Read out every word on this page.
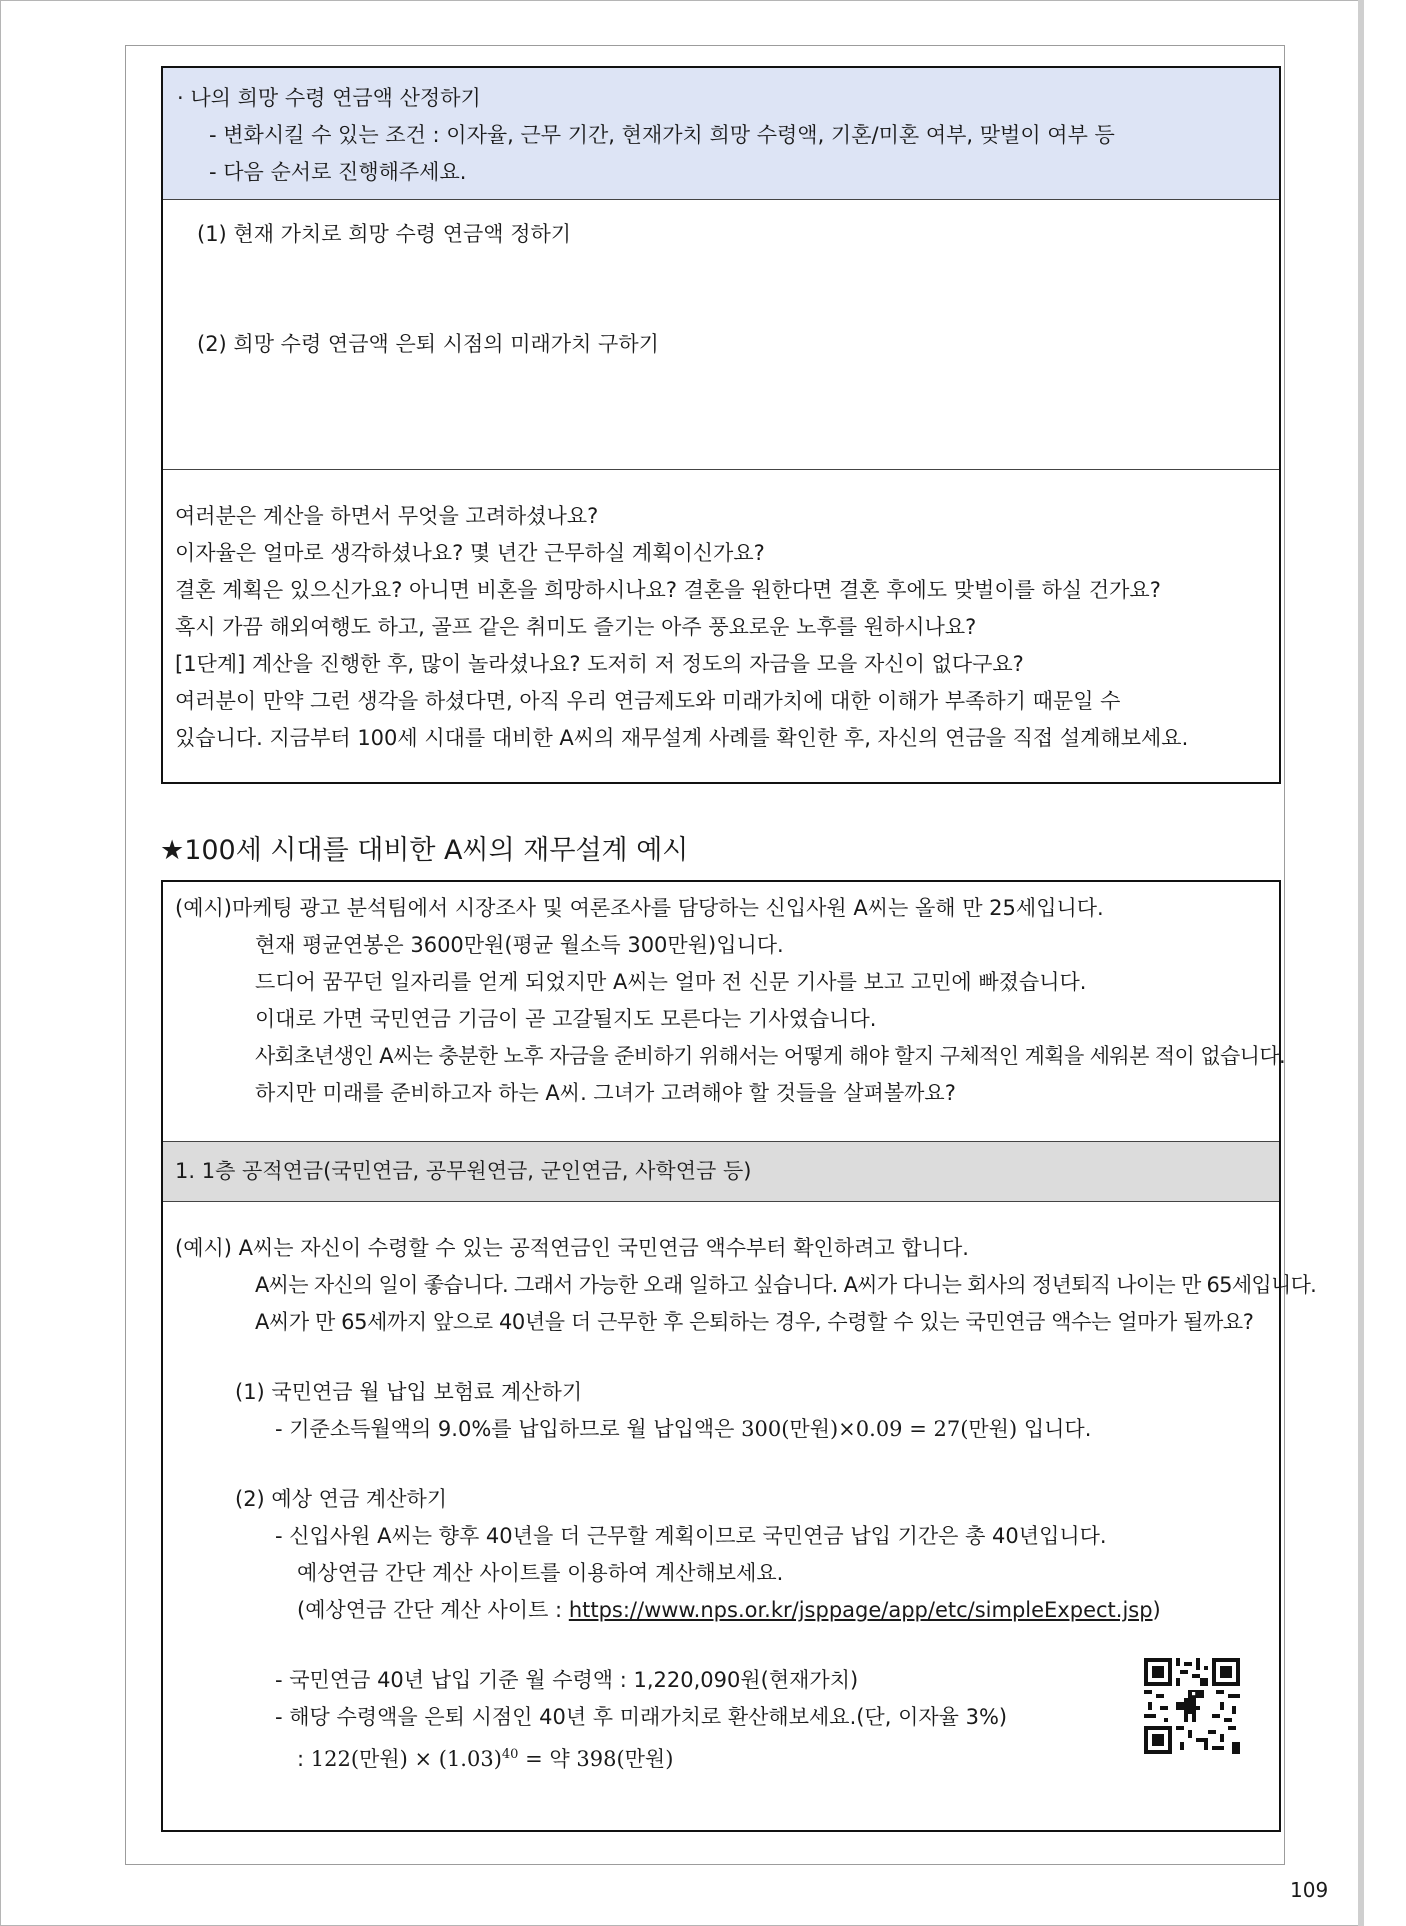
· 나의 희망 수령 연금액 산정하기
- 변화시킬 수 있는 조건 : 이자율, 근무 기간, 현재가치 희망 수령액, 기혼/미혼 여부, 맞벌이 여부 등
- 다음 순서로 진행해주세요.
(1) 현재 가치로 희망 수령 연금액 정하기
(2) 희망 수령 연금액 은퇴 시점의 미래가치 구하기
여러분은 계산을 하면서 무엇을 고려하셨나요?
이자율은 얼마로 생각하셨나요? 몇 년간 근무하실 계획이신가요?
결혼 계획은 있으신가요? 아니면 비혼을 희망하시나요? 결혼을 원한다면 결혼 후에도 맞벌이를 하실 건가요?
혹시 가끔 해외여행도 하고, 골프 같은 취미도 즐기는 아주 풍요로운 노후를 원하시나요?
[1단계] 계산을 진행한 후, 많이 놀라셨나요? 도저히 저 정도의 자금을 모을 자신이 없다구요?
여러분이 만약 그런 생각을 하셨다면, 아직 우리 연금제도와 미래가치에 대한 이해가 부족하기 때문일 수
있습니다. 지금부터 100세 시대를 대비한 A씨의 재무설계 사례를 확인한 후, 자신의 연금을 직접 설계해보세요.
★100세 시대를 대비한 A씨의 재무설계 예시
(예시)마케팅 광고 분석팀에서 시장조사 및 여론조사를 담당하는 신입사원 A씨는 올해 만 25세입니다.
현재 평균연봉은 3600만원(평균 월소득 300만원)입니다.
드디어 꿈꾸던 일자리를 얻게 되었지만 A씨는 얼마 전 신문 기사를 보고 고민에 빠졌습니다.
이대로 가면 국민연금 기금이 곧 고갈될지도 모른다는 기사였습니다.
사회초년생인 A씨는 충분한 노후 자금을 준비하기 위해서는 어떻게 해야 할지 구체적인 계획을 세워본 적이 없습니다.
하지만 미래를 준비하고자 하는 A씨. 그녀가 고려해야 할 것들을 살펴볼까요?
1. 1층 공적연금(국민연금, 공무원연금, 군인연금, 사학연금 등)
(예시) A씨는 자신이 수령할 수 있는 공적연금인 국민연금 액수부터 확인하려고 합니다.
A씨는 자신의 일이 좋습니다. 그래서 가능한 오래 일하고 싶습니다. A씨가 다니는 회사의 정년퇴직 나이는 만 65세입니다.
A씨가 만 65세까지 앞으로 40년을 더 근무한 후 은퇴하는 경우, 수령할 수 있는 국민연금 액수는 얼마가 될까요?
(1) 국민연금 월 납입 보험료 계산하기
- 기준소득월액의 9.0%를 납입하므로 월 납입액은 300(만원)×0.09 = 27(만원) 입니다.
(2) 예상 연금 계산하기
- 신입사원 A씨는 향후 40년을 더 근무할 계획이므로 국민연금 납입 기간은 총 40년입니다.
예상연금 간단 계산 사이트를 이용하여 계산해보세요.
(예상연금 간단 계산 사이트 : https://www.nps.or.kr/jsppage/app/etc/simpleExpect.jsp)
- 국민연금 40년 납입 기준 월 수령액 : 1,220,090원(현재가치)
- 해당 수령액을 은퇴 시점인 40년 후 미래가치로 환산해보세요.(단, 이자율 3%)
: 122(만원) × $(1.03)^{40}$ = 약 398(만원)
109
